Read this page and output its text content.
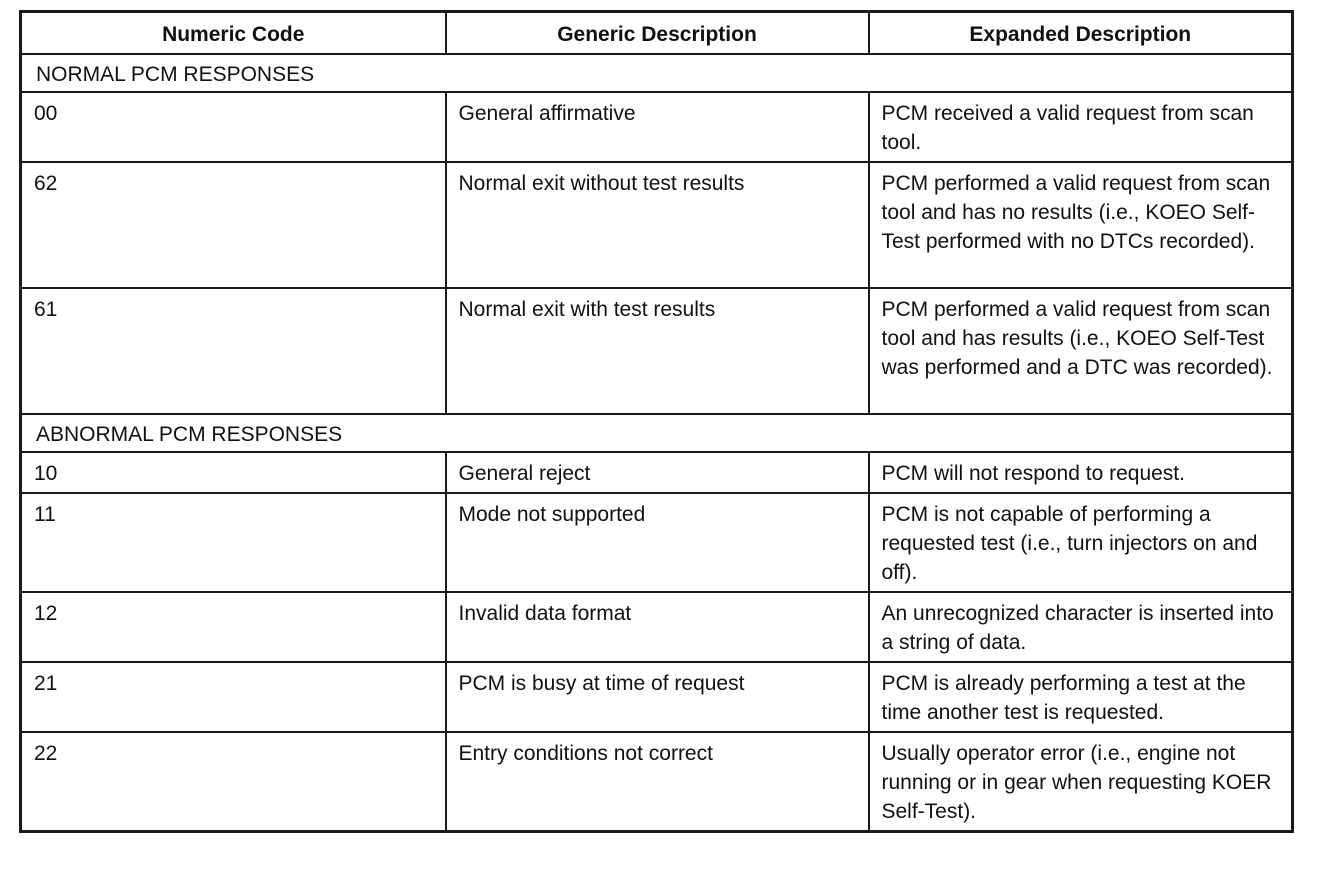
Numeric Code	Generic Description	Expanded Description
NORMAL PCM RESPONSES		
00	General affirmative	PCM received a valid request from scan tool.
62	Normal exit without test results	PCM performed a valid request from scan tool and has no results (i.e., KOEO Self-Test performed with no DTCs recorded).
61	Normal exit with test results	PCM performed a valid request from scan tool and has results (i.e., KOEO Self-Test was performed and a DTC was recorded).
ABNORMAL PCM RESPONSES		
10	General reject	PCM will not respond to request.
11	Mode not supported	PCM is not capable of performing a requested test (i.e., turn injectors on and off).
12	Invalid data format	An unrecognized character is inserted into a string of data.
21	PCM is busy at time of request	PCM is already performing a test at the time another test is requested.
22	Entry conditions not correct	Usually operator error (i.e., engine not running or in gear when requesting KOER Self-Test).
